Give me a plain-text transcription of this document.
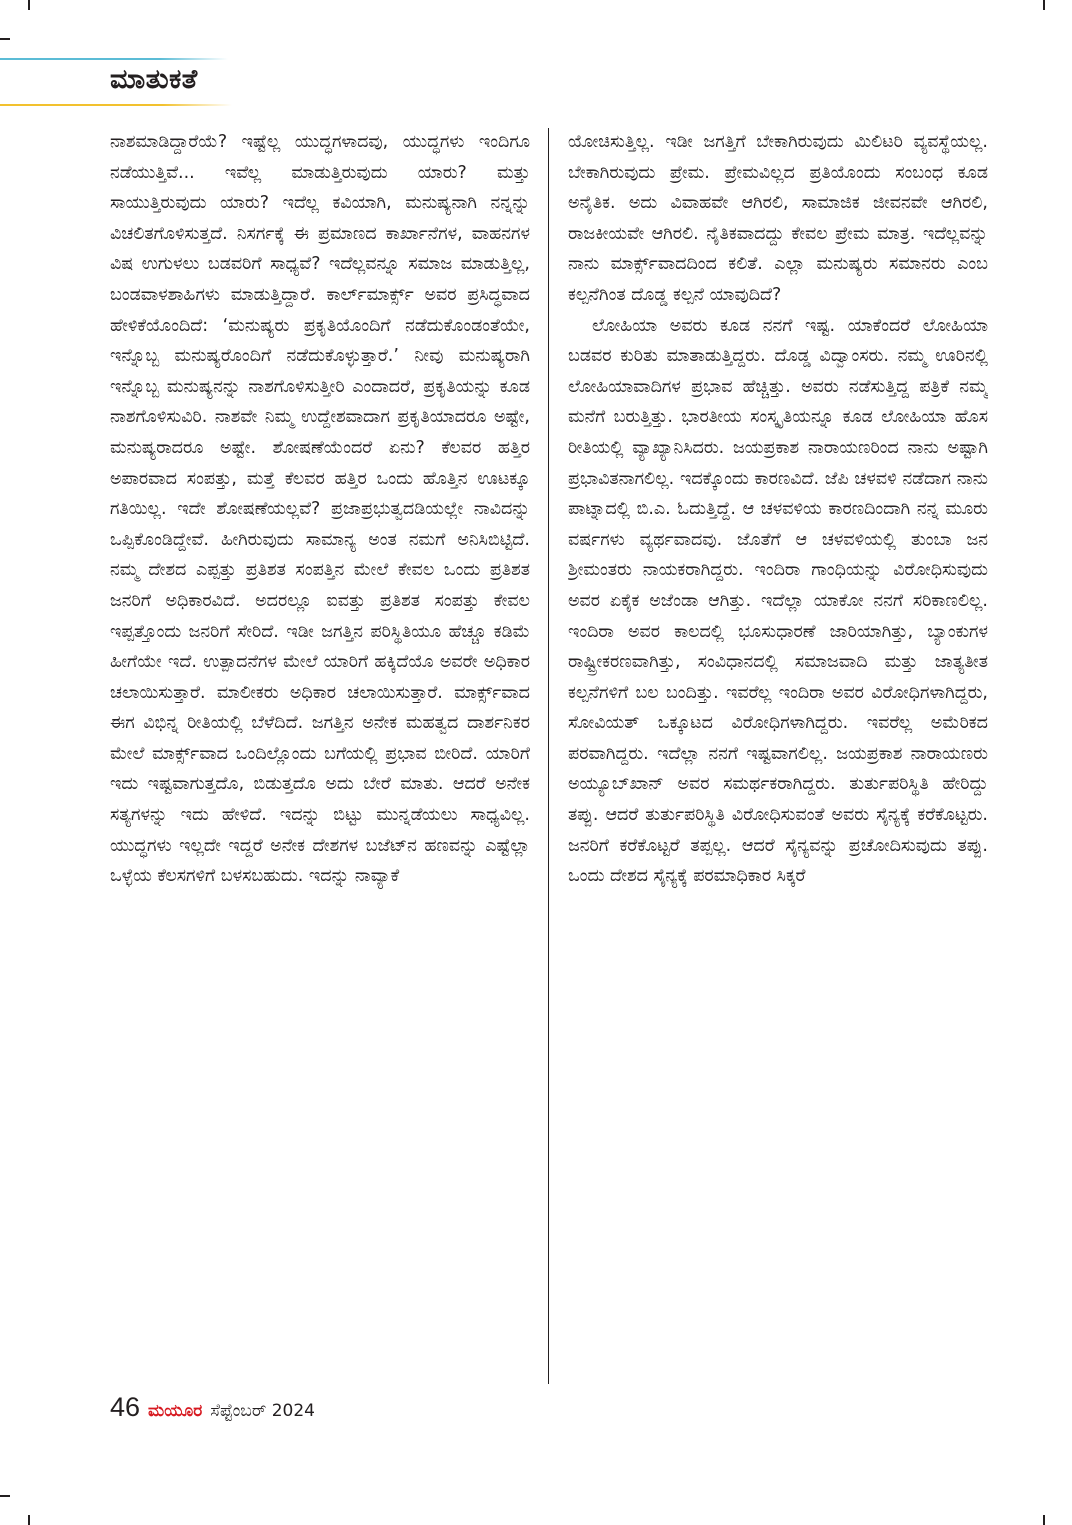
ಮಾತುಕತೆ

ನಾಶಮಾಡಿದ್ದಾರೆಯೆ? ಇಷ್ಟೆಲ್ಲ ಯುದ್ಧಗಳಾದವು, ಯುದ್ಧಗಳು ಇಂದಿಗೂ ನಡೆಯುತ್ತಿವೆ... ಇವೆಲ್ಲ ಮಾಡುತ್ತಿರುವುದು ಯಾರು? ಮತ್ತು ಸಾಯುತ್ತಿರುವುದು ಯಾರು? ಇದೆಲ್ಲ ಕವಿಯಾಗಿ, ಮನುಷ್ಯನಾಗಿ ನನ್ನನ್ನು ವಿಚಲಿತಗೊಳಿಸುತ್ತದೆ. ನಿಸರ್ಗಕ್ಕೆ ಈ ಪ್ರಮಾಣದ ಕಾರ್ಖಾನೆಗಳ, ವಾಹನಗಳ ವಿಷ ಉಗುಳಲು ಬಡವರಿಗೆ ಸಾಧ್ಯವೆ? ಇದೆಲ್ಲವನ್ನೂ ಸಮಾಜ ಮಾಡುತ್ತಿಲ್ಲ, ಬಂಡವಾಳಶಾಹಿಗಳು ಮಾಡುತ್ತಿದ್ದಾರೆ. ಕಾರ್ಲ್‌ಮಾರ್ಕ್ಸ್ ಅವರ ಪ್ರಸಿದ್ಧವಾದ ಹೇಳಿಕೆಯೊಂದಿದೆ: ‘ಮನುಷ್ಯರು ಪ್ರಕೃತಿಯೊಂದಿಗೆ ನಡೆದುಕೊಂಡಂತೆಯೇ, ಇನ್ನೊಬ್ಬ ಮನುಷ್ಯರೊಂದಿಗೆ ನಡೆದುಕೊಳ್ಳುತ್ತಾರೆ.’ ನೀವು ಮನುಷ್ಯರಾಗಿ ಇನ್ನೊಬ್ಬ ಮನುಷ್ಯನನ್ನು ನಾಶಗೊಳಿಸುತ್ತೀರಿ ಎಂದಾದರೆ, ಪ್ರಕೃತಿಯನ್ನು ಕೂಡ ನಾಶಗೊಳಿಸುವಿರಿ. ನಾಶವೇ ನಿಮ್ಮ ಉದ್ದೇಶವಾದಾಗ ಪ್ರಕೃತಿಯಾದರೂ ಅಷ್ಟೇ, ಮನುಷ್ಯರಾದರೂ ಅಷ್ಟೇ. ಶೋಷಣೆಯೆಂದರೆ ಏನು? ಕೆಲವರ ಹತ್ತಿರ ಅಪಾರವಾದ ಸಂಪತ್ತು, ಮತ್ತೆ ಕೆಲವರ ಹತ್ತಿರ ಒಂದು ಹೊತ್ತಿನ ಊಟಕ್ಕೂ ಗತಿಯಿಲ್ಲ. ಇದೇ ಶೋಷಣೆಯಲ್ಲವೆ? ಪ್ರಜಾಪ್ರಭುತ್ವದಡಿಯಲ್ಲೇ ನಾವಿದನ್ನು ಒಪ್ಪಿಕೊಂಡಿದ್ದೇವೆ. ಹೀಗಿರುವುದು ಸಾಮಾನ್ಯ ಅಂತ ನಮಗೆ ಅನಿಸಿಬಿಟ್ಟಿದೆ. ನಮ್ಮ ದೇಶದ ಎಪ್ಪತ್ತು ಪ್ರತಿಶತ ಸಂಪತ್ತಿನ ಮೇಲೆ ಕೇವಲ ಒಂದು ಪ್ರತಿಶತ ಜನರಿಗೆ ಅಧಿಕಾರವಿದೆ. ಅದರಲ್ಲೂ ಐವತ್ತು ಪ್ರತಿಶತ ಸಂಪತ್ತು ಕೇವಲ ಇಪ್ಪತ್ತೊಂದು ಜನರಿಗೆ ಸೇರಿದೆ. ಇಡೀ ಜಗತ್ತಿನ ಪರಿಸ್ಥಿತಿಯೂ ಹೆಚ್ಚೂ ಕಡಿಮೆ ಹೀಗೆಯೇ ಇದೆ. ಉತ್ಪಾದನೆಗಳ ಮೇಲೆ ಯಾರಿಗೆ ಹಕ್ಕಿದೆಯೊ ಅವರೇ ಅಧಿಕಾರ ಚಲಾಯಿಸುತ್ತಾರೆ. ಮಾಲೀಕರು ಅಧಿಕಾರ ಚಲಾಯಿಸುತ್ತಾರೆ. ಮಾರ್ಕ್ಸ್‌ವಾದ ಈಗ ವಿಭಿನ್ನ ರೀತಿಯಲ್ಲಿ ಬೆಳೆದಿದೆ. ಜಗತ್ತಿನ ಅನೇಕ ಮಹತ್ವದ ದಾರ್ಶನಿಕರ ಮೇಲೆ ಮಾರ್ಕ್ಸ್‌ವಾದ ಒಂದಿಲ್ಲೊಂದು ಬಗೆಯಲ್ಲಿ ಪ್ರಭಾವ ಬೀರಿದೆ. ಯಾರಿಗೆ ಇದು ಇಷ್ಟವಾಗುತ್ತದೊ, ಬಿಡುತ್ತದೊ ಅದು ಬೇರೆ ಮಾತು. ಆದರೆ ಅನೇಕ ಸತ್ಯಗಳನ್ನು ಇದು ಹೇಳಿದೆ. ಇದನ್ನು ಬಿಟ್ಟು ಮುನ್ನಡೆಯಲು ಸಾಧ್ಯವಿಲ್ಲ. ಯುದ್ಧಗಳು ಇಲ್ಲದೇ ಇದ್ದರೆ ಅನೇಕ ದೇಶಗಳ ಬಜೆಟ್‌ನ ಹಣವನ್ನು ಎಷ್ಟೆಲ್ಲಾ ಒಳ್ಳೆಯ ಕೆಲಸಗಳಿಗೆ ಬಳಸಬಹುದು. ಇದನ್ನು ನಾವ್ಯಾಕೆ

ಯೋಚಿಸುತ್ತಿಲ್ಲ. ಇಡೀ ಜಗತ್ತಿಗೆ ಬೇಕಾಗಿರುವುದು ಮಿಲಿಟರಿ ವ್ಯವಸ್ಥೆಯಲ್ಲ. ಬೇಕಾಗಿರುವುದು ಪ್ರೇಮ. ಪ್ರೇಮವಿಲ್ಲದ ಪ್ರತಿಯೊಂದು ಸಂಬಂಧ ಕೂಡ ಅನೈತಿಕ. ಅದು ವಿವಾಹವೇ ಆಗಿರಲಿ, ಸಾಮಾಜಿಕ ಜೀವನವೇ ಆಗಿರಲಿ, ರಾಜಕೀಯವೇ ಆಗಿರಲಿ. ನೈತಿಕವಾದದ್ದು ಕೇವಲ ಪ್ರೇಮ ಮಾತ್ರ. ಇದೆಲ್ಲವನ್ನು ನಾನು ಮಾರ್ಕ್ಸ್‌ವಾದದಿಂದ ಕಲಿತೆ. ಎಲ್ಲಾ ಮನುಷ್ಯರು ಸಮಾನರು ಎಂಬ ಕಲ್ಪನೆಗಿಂತ ದೊಡ್ಡ ಕಲ್ಪನೆ ಯಾವುದಿದೆ?

ಲೋಹಿಯಾ ಅವರು ಕೂಡ ನನಗೆ ಇಷ್ಟ. ಯಾಕೆಂದರೆ ಲೋಹಿಯಾ ಬಡವರ ಕುರಿತು ಮಾತಾಡುತ್ತಿದ್ದರು. ದೊಡ್ಡ ವಿದ್ವಾಂಸರು. ನಮ್ಮ ಊರಿನಲ್ಲಿ ಲೋಹಿಯಾವಾದಿಗಳ ಪ್ರಭಾವ ಹೆಚ್ಚಿತ್ತು. ಅವರು ನಡೆಸುತ್ತಿದ್ದ ಪತ್ರಿಕೆ ನಮ್ಮ ಮನೆಗೆ ಬರುತ್ತಿತ್ತು. ಭಾರತೀಯ ಸಂಸ್ಕೃತಿಯನ್ನೂ ಕೂಡ ಲೋಹಿಯಾ ಹೊಸ ರೀತಿಯಲ್ಲಿ ವ್ಯಾಖ್ಯಾನಿಸಿದರು. ಜಯಪ್ರಕಾಶ ನಾರಾಯಣರಿಂದ ನಾನು ಅಷ್ಟಾಗಿ ಪ್ರಭಾವಿತನಾಗಲಿಲ್ಲ. ಇದಕ್ಕೊಂದು ಕಾರಣವಿದೆ. ಜೆಪಿ ಚಳವಳಿ ನಡೆದಾಗ ನಾನು ಪಾಟ್ನಾದಲ್ಲಿ ಬಿ.ಎ. ಓದುತ್ತಿದ್ದೆ. ಆ ಚಳವಳಿಯ ಕಾರಣದಿಂದಾಗಿ ನನ್ನ ಮೂರು ವರ್ಷಗಳು ವ್ಯರ್ಥವಾದವು. ಜೊತೆಗೆ ಆ ಚಳವಳಿಯಲ್ಲಿ ತುಂಬಾ ಜನ ಶ್ರೀಮಂತರು ನಾಯಕರಾಗಿದ್ದರು. ಇಂದಿರಾ ಗಾಂಧಿಯನ್ನು ವಿರೋಧಿಸುವುದು ಅವರ ಏಕೈಕ ಅಜೆಂಡಾ ಆಗಿತ್ತು. ಇದೆಲ್ಲಾ ಯಾಕೋ ನನಗೆ ಸರಿಕಾಣಲಿಲ್ಲ. ಇಂದಿರಾ ಅವರ ಕಾಲದಲ್ಲಿ ಭೂಸುಧಾರಣೆ ಜಾರಿಯಾಗಿತ್ತು, ಬ್ಯಾಂಕುಗಳ ರಾಷ್ಟ್ರೀಕರಣವಾಗಿತ್ತು, ಸಂವಿಧಾನದಲ್ಲಿ ಸಮಾಜವಾದಿ ಮತ್ತು ಜಾತ್ಯತೀತ ಕಲ್ಪನೆಗಳಿಗೆ ಬಲ ಬಂದಿತ್ತು. ಇವರೆಲ್ಲ ಇಂದಿರಾ ಅವರ ವಿರೋಧಿಗಳಾಗಿದ್ದರು, ಸೋವಿಯತ್ ಒಕ್ಕೂಟದ ವಿರೋಧಿಗಳಾಗಿದ್ದರು. ಇವರೆಲ್ಲ ಅಮೆರಿಕದ ಪರವಾಗಿದ್ದರು. ಇದೆಲ್ಲಾ ನನಗೆ ಇಷ್ಟವಾಗಲಿಲ್ಲ. ಜಯಪ್ರಕಾಶ ನಾರಾಯಣರು ಅಯ್ಯೂಬ್‌ಖಾನ್ ಅವರ ಸಮರ್ಥಕರಾಗಿದ್ದರು. ತುರ್ತುಪರಿಸ್ಥಿತಿ ಹೇರಿದ್ದು ತಪ್ಪು. ಆದರೆ ತುರ್ತುಪರಿಸ್ಥಿತಿ ವಿರೋಧಿಸುವಂತೆ ಅವರು ಸೈನ್ಯಕ್ಕೆ ಕರೆಕೊಟ್ಟರು. ಜನರಿಗೆ ಕರೆಕೊಟ್ಟರೆ ತಪ್ಪಲ್ಲ. ಆದರೆ ಸೈನ್ಯವನ್ನು ಪ್ರಚೋದಿಸುವುದು ತಪ್ಪು. ಒಂದು ದೇಶದ ಸೈನ್ಯಕ್ಕೆ ಪರಮಾಧಿಕಾರ ಸಿಕ್ಕರೆ

46 ಮಯೂರ ಸೆಪ್ಟೆಂಬರ್ 2024
